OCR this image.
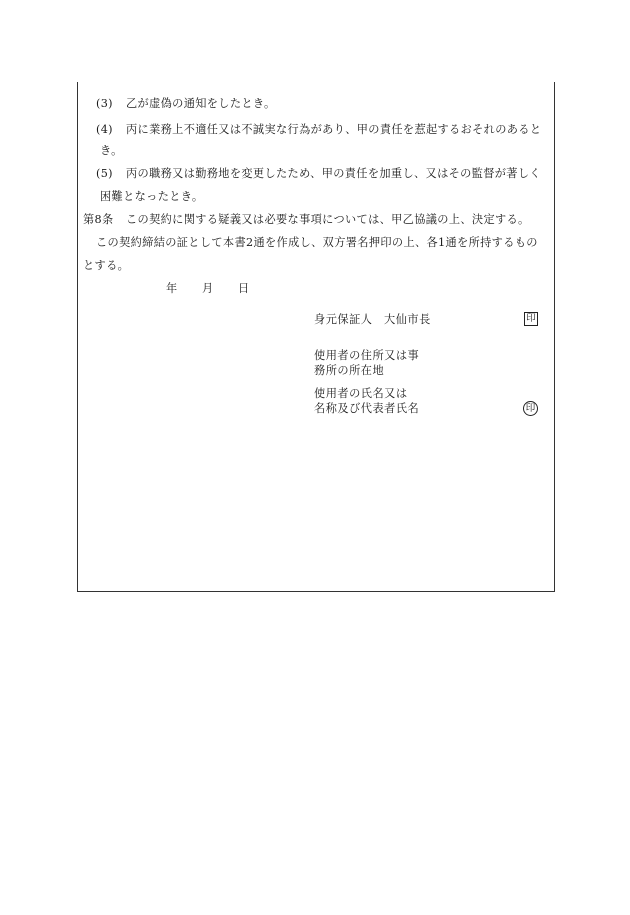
(3) 乙が虚偽の通知をしたとき。
(4) 丙に業務上不適任又は不誠実な行為があり、甲の責任を惹起するおそれのあると
き。
(5) 丙の職務又は勤務地を変更したため、甲の責任を加重し、又はその監督が著しく
困難となったとき。
第8条 この契約に関する疑義又は必要な事項については、甲乙協議の上、決定する。
この契約締結の証として本書2通を作成し、双方署名押印の上、各1通を所持するもの
とする。
年 月 日
身元保証人 大仙市長	印
使用者の住所又は事
務所の所在地
使用者の氏名又は
名称及び代表者氏名	印
